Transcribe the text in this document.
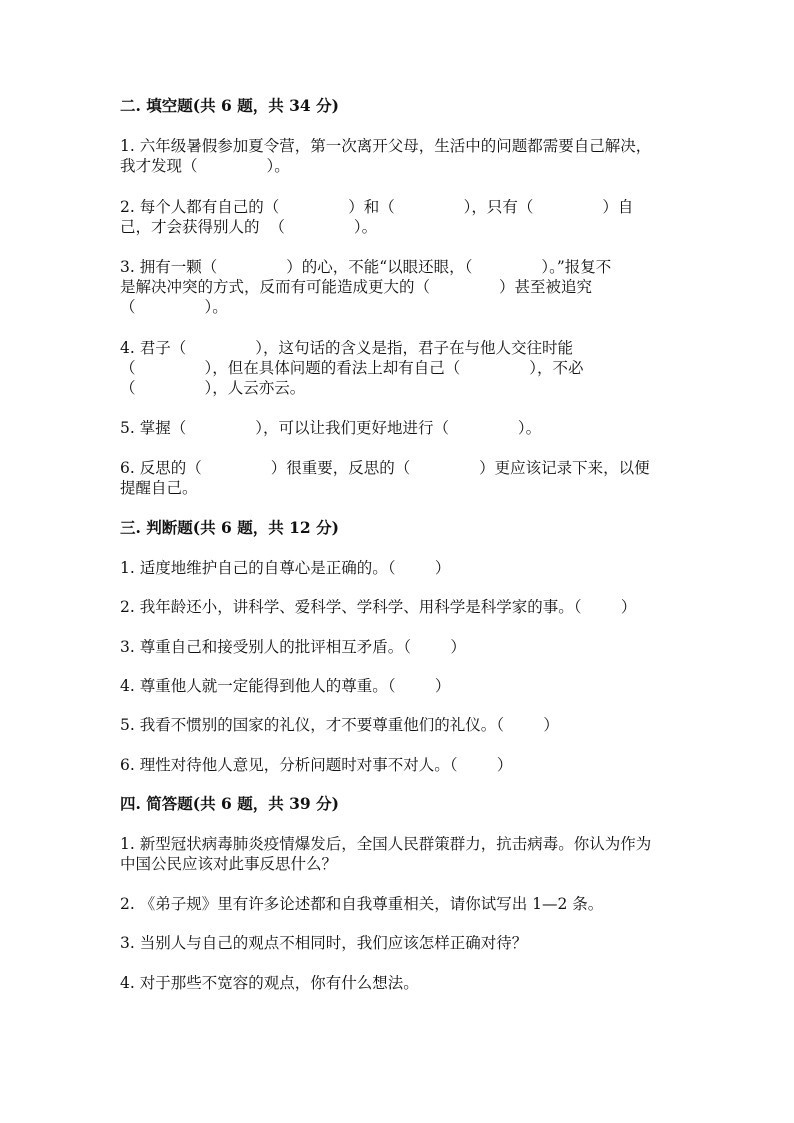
二. 填空题(共 6 题，共 34 分)
1. 六年级暑假参加夏令营，第一次离开父母，生活中的问题都需要自己解决，
我才发现（              ）。
2. 每个人都有自己的（              ）和（              ），只有（              ）自
己，才会获得别人的  （              ）。
3. 拥有一颗（              ）的心，不能“以眼还眼，（              ）。”报复不
是解决冲突的方式，反而有可能造成更大的（              ）甚至被追究
（              ）。
4. 君子（              ），这句话的含义是指，君子在与他人交往时能
（              ），但在具体问题的看法上却有自己（              ），不必
（              ），人云亦云。
5. 掌握（              ），可以让我们更好地进行（              ）。
6. 反思的（              ）很重要，反思的（              ）更应该记录下来，以便
提醒自己。
三. 判断题(共 6 题，共 12 分)
1. 适度地维护自己的自尊心是正确的。（        ）
2. 我年龄还小，讲科学、爱科学、学科学、用科学是科学家的事。（        ）
3. 尊重自己和接受别人的批评相互矛盾。（        ）
4. 尊重他人就一定能得到他人的尊重。（        ）
5. 我看不惯别的国家的礼仪，才不要尊重他们的礼仪。（        ）
6. 理性对待他人意见，分析问题时对事不对人。（        ）
四. 简答题(共 6 题，共 39 分)
1. 新型冠状病毒肺炎疫情爆发后，全国人民群策群力，抗击病毒。你认为作为
中国公民应该对此事反思什么？
2. 《弟子规》里有许多论述都和自我尊重相关，请你试写出 1—2 条。
3. 当别人与自己的观点不相同时，我们应该怎样正确对待？
4. 对于那些不宽容的观点，你有什么想法。
